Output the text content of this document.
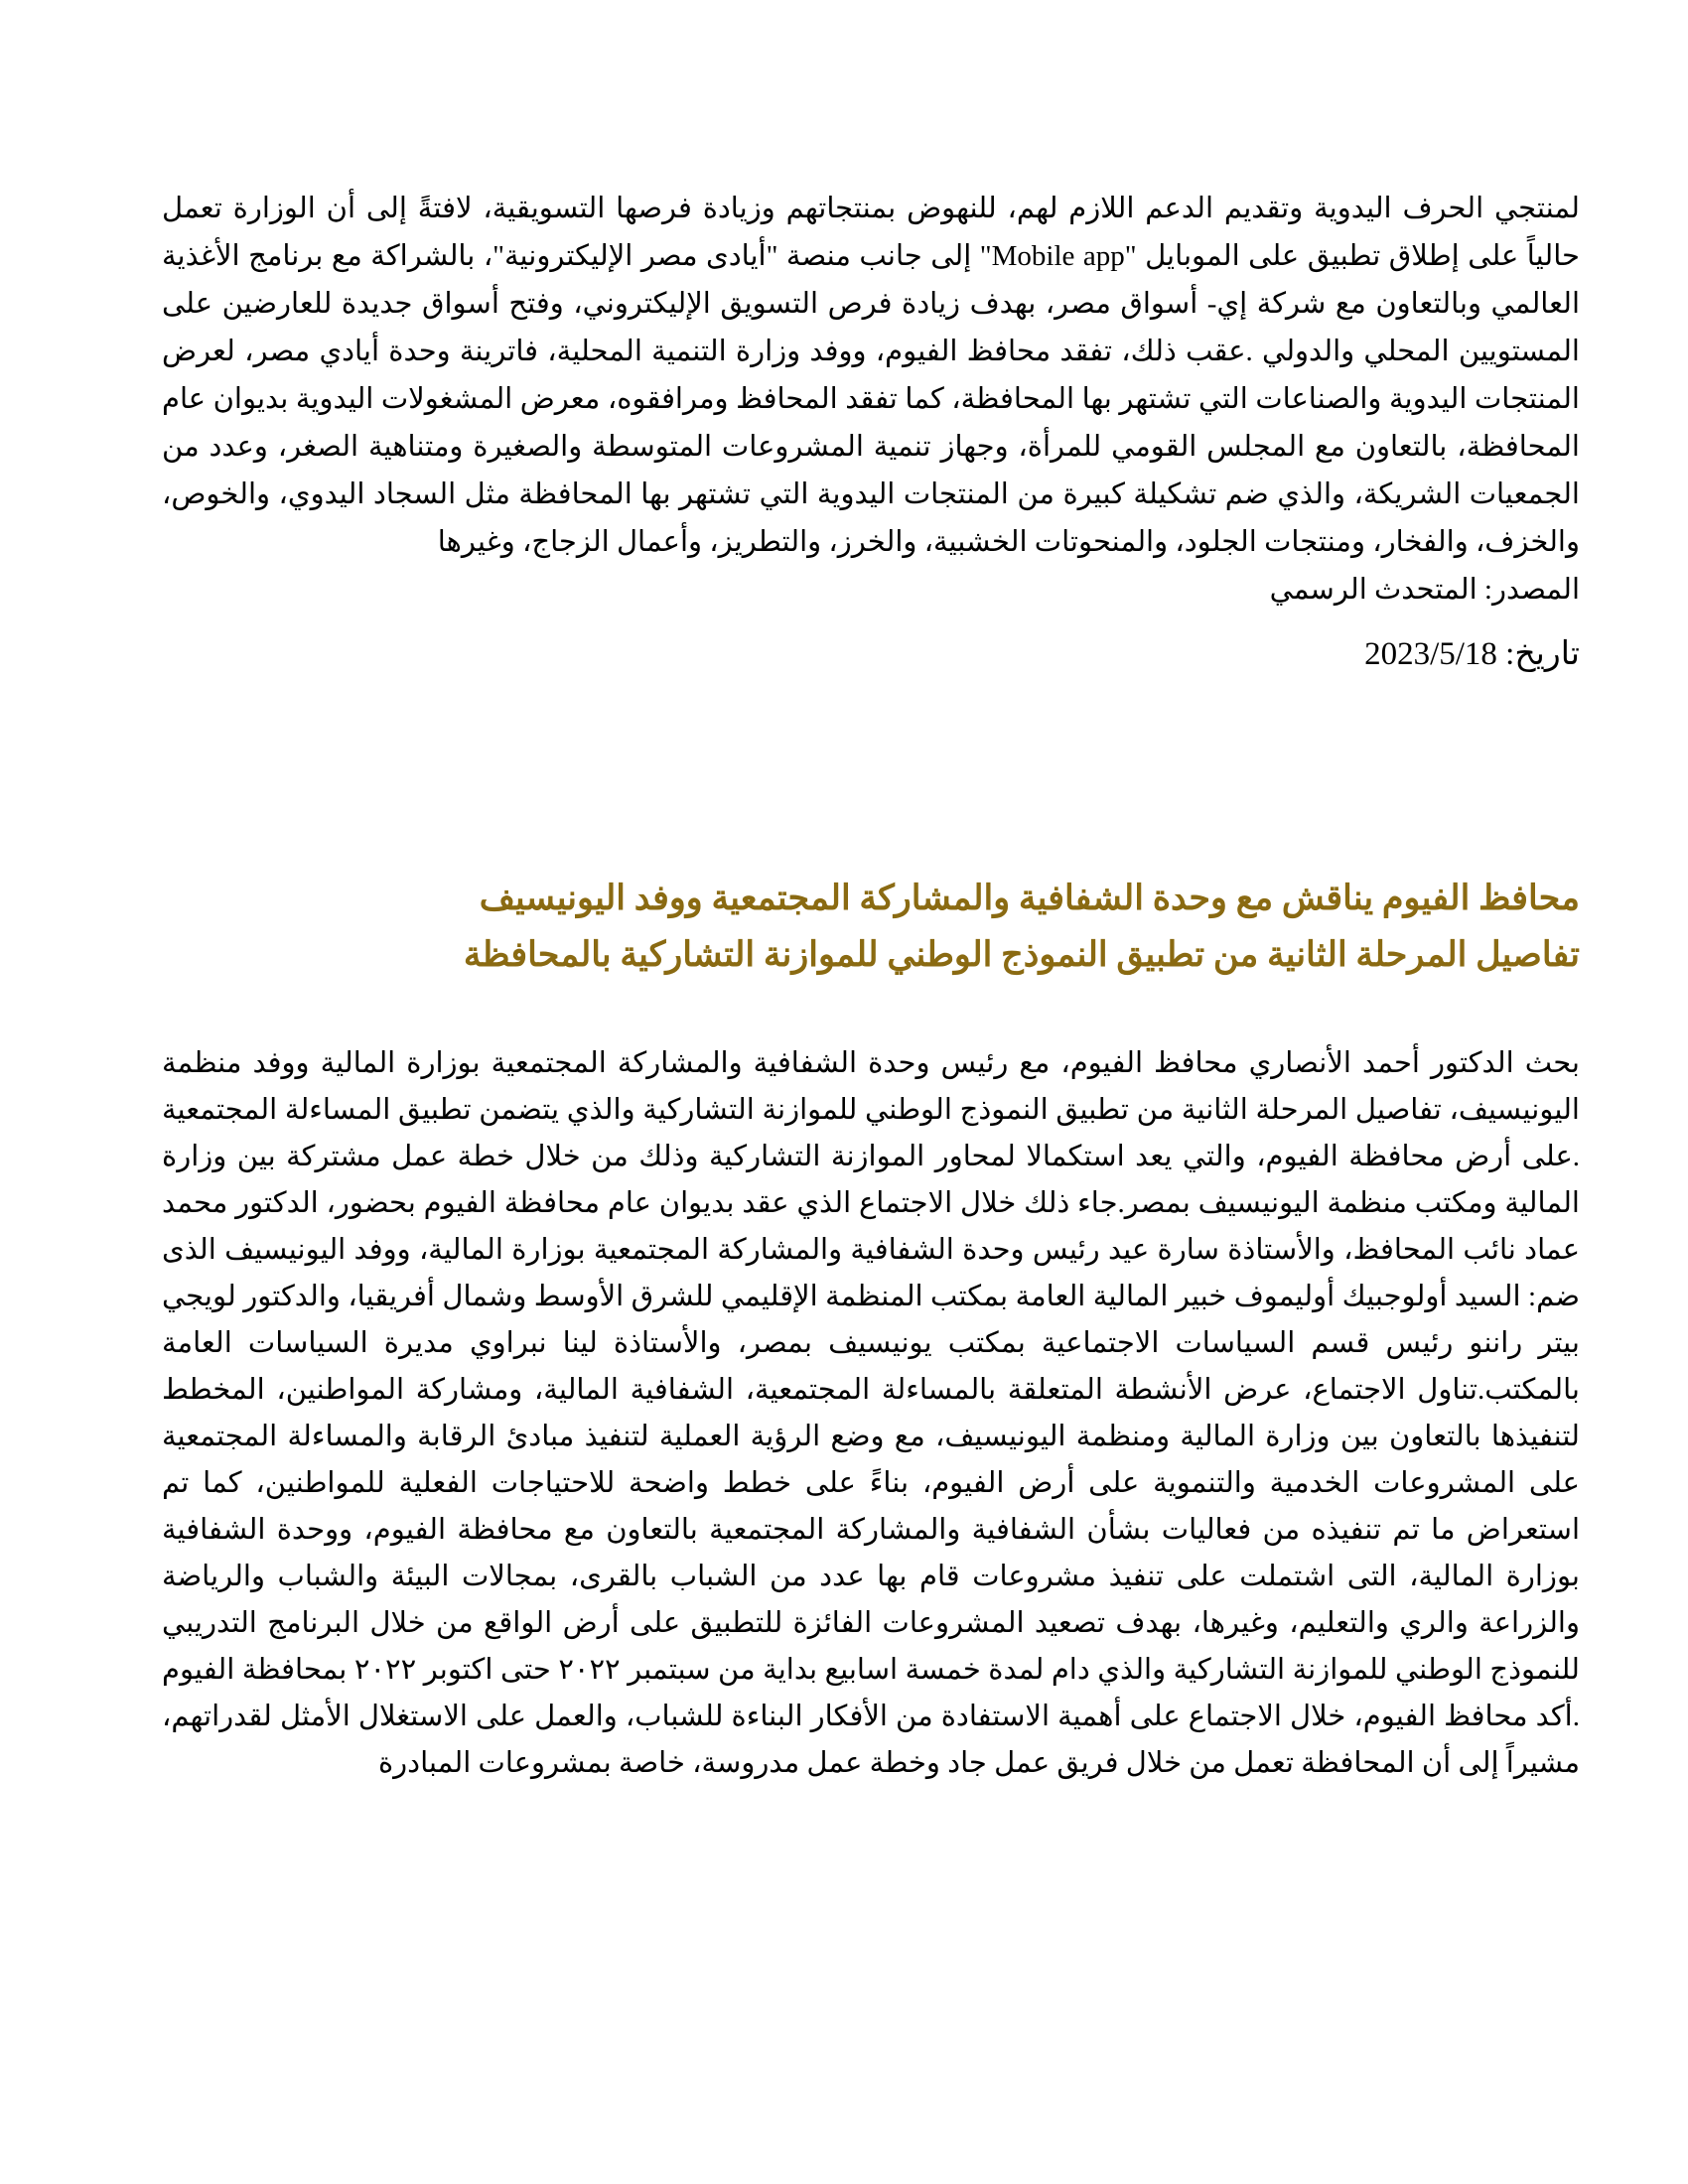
لمنتجي الحرف اليدوية وتقديم الدعم اللازم لهم، للنهوض بمنتجاتهم وزيادة فرصها التسويقية، لافتةً إلى أن الوزارة تعمل حالياً على إطلاق تطبيق على الموبايل "Mobile app" إلى جانب منصة "أيادى مصر الإليكترونية"، بالشراكة مع برنامج الأغذية العالمي وبالتعاون مع شركة إي- أسواق مصر، بهدف زيادة فرص التسويق الإليكتروني، وفتح أسواق جديدة للعارضين على المستويين المحلي والدولي .عقب ذلك، تفقد محافظ الفيوم، ووفد وزارة التنمية المحلية، فاترينة وحدة أيادي مصر، لعرض المنتجات اليدوية والصناعات التي تشتهر بها المحافظة، كما تفقد المحافظ ومرافقوه، معرض المشغولات اليدوية بديوان عام المحافظة، بالتعاون مع المجلس القومي للمرأة، وجهاز تنمية المشروعات المتوسطة والصغيرة ومتناهية الصغر، وعدد من الجمعيات الشريكة، والذي ضم تشكيلة كبيرة من المنتجات اليدوية التي تشتهر بها المحافظة مثل السجاد اليدوي، والخوص، والخزف، والفخار، ومنتجات الجلود، والمنحوتات الخشبية، والخرز، والتطريز، وأعمال الزجاج، وغيرها
المصدر: المتحدث الرسمي
تاريخ: 2023/5/18
محافظ الفيوم يناقش مع وحدة الشفافية والمشاركة المجتمعية ووفد اليونيسيف
تفاصيل المرحلة الثانية من تطبيق النموذج الوطني للموازنة التشاركية بالمحافظة
بحث الدكتور أحمد الأنصاري محافظ الفيوم، مع رئيس وحدة الشفافية والمشاركة المجتمعية بوزارة المالية ووفد منظمة اليونيسيف، تفاصيل المرحلة الثانية من تطبيق النموذج الوطني للموازنة التشاركية والذي يتضمن تطبيق المساءلة المجتمعية .على أرض محافظة الفيوم، والتي يعد استكمالا لمحاور الموازنة التشاركية وذلك من خلال خطة عمل مشتركة بين وزارة المالية ومكتب منظمة اليونيسيف بمصر.جاء ذلك خلال الاجتماع الذي عقد بديوان عام محافظة الفيوم بحضور، الدكتور محمد عماد نائب المحافظ، والأستاذة سارة عيد رئيس وحدة الشفافية والمشاركة المجتمعية بوزارة المالية، ووفد اليونيسيف الذى ضم: السيد أولوجبيك أوليموف خبير المالية العامة بمكتب المنظمة الإقليمي للشرق الأوسط وشمال أفريقيا، والدكتور لويجي بيتر راننو رئيس قسم السياسات الاجتماعية بمكتب يونيسيف بمصر، والأستاذة لينا نبراوي مديرة السياسات العامة بالمكتب.تناول الاجتماع، عرض الأنشطة المتعلقة بالمساءلة المجتمعية، الشفافية المالية، ومشاركة المواطنين، المخطط لتنفيذها بالتعاون بين وزارة المالية ومنظمة اليونيسيف، مع وضع الرؤية العملية لتنفيذ مبادئ الرقابة والمساءلة المجتمعية على المشروعات الخدمية والتنموية على أرض الفيوم، بناءً على خطط واضحة للاحتياجات الفعلية للمواطنين، كما تم استعراض ما تم تنفيذه من فعاليات بشأن الشفافية والمشاركة المجتمعية بالتعاون مع محافظة الفيوم، ووحدة الشفافية بوزارة المالية، التى اشتملت على تنفيذ مشروعات قام بها عدد من الشباب بالقرى، بمجالات البيئة والشباب والرياضة والزراعة والري والتعليم، وغيرها، بهدف تصعيد المشروعات الفائزة للتطبيق على أرض الواقع من خلال البرنامج التدريبي للنموذج الوطني للموازنة التشاركية والذي دام لمدة خمسة اسابيع بداية من سبتمبر ٢٠٢٢ حتى اكتوبر ٢٠٢٢ بمحافظة الفيوم .أكد محافظ الفيوم، خلال الاجتماع على أهمية الاستفادة من الأفكار البناءة للشباب، والعمل على الاستغلال الأمثل لقدراتهم، مشيراً إلى أن المحافظة تعمل من خلال فريق عمل جاد وخطة عمل مدروسة، خاصة بمشروعات المبادرة
